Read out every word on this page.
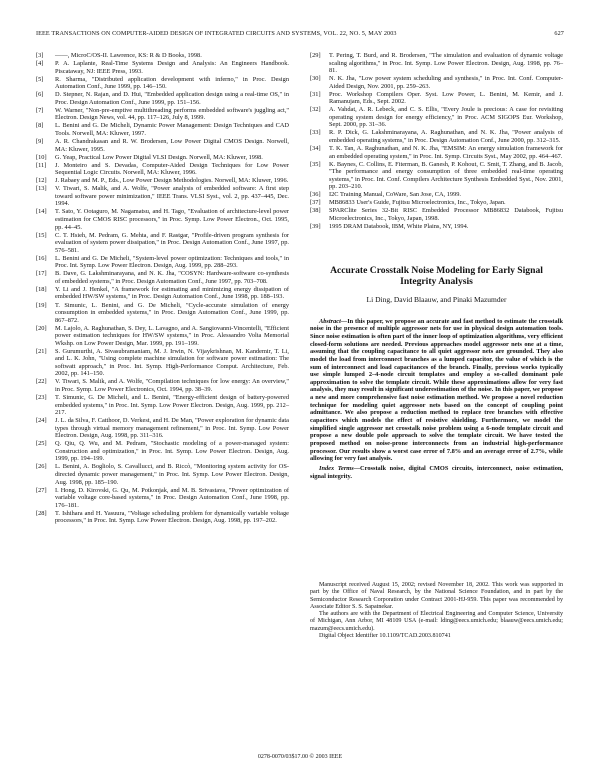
IEEE TRANSACTIONS ON COMPUTER-AIDED DESIGN OF INTEGRATED CIRCUITS AND SYSTEMS, VOL. 22, NO. 5, MAY 2003	627
[3] ——, MicroC/OS-II. Lawrence, KS: R & D Books, 1998.
[4] P. A. Laplante, Real-Time Systems Design and Analysis: An Engineers Handbook. Piscataway, NJ: IEEE Press, 1993.
[5] R. Sharma, "Distributed application development with inferno," in Proc. Design Automation Conf., June 1999, pp. 146–150.
[6] D. Stepner, N. Rajan, and D. Hui, "Embedded application design using a real-time OS," in Proc. Design Automation Conf., June 1999, pp. 151–156.
[7] W. Warner, "Non-pre-emptive multithreading performs embedded software's juggling act," Electron. Design News, vol. 44, pp. 117–126, July 8, 1999.
[8] L. Benini and G. De Micheli, Dynamic Power Management: Design Techniques and CAD Tools. Norwell, MA: Kluwer, 1997.
[9] A. R. Chandrakasan and R. W. Brodersen, Low Power Digital CMOS Design. Norwell, MA: Kluwer, 1995.
[10] G. Yeap, Practical Low Power Digital VLSI Design. Norwell, MA: Kluwer, 1998.
[11] J. Monteiro and S. Devadas, Computer-Aided Design Techniques for Low Power Sequential Logic Circuits. Norwell, MA: Kluwer, 1996.
[12] J. Rabaey and M. P., Eds., Low Power Design Methodologies. Norwell, MA: Kluwer, 1996.
[13] V. Tiwari, S. Malik, and A. Wolfe, "Power analysis of embedded software: A first step toward software power minimization," IEEE Trans. VLSI Syst., vol. 2, pp. 437–445, Dec. 1994.
[14] T. Sato, Y. Ootaguro, M. Nagamatsu, and H. Tago, "Evaluation of architecture-level power estimation for CMOS RISC processors," in Proc. Symp. Low Power Electron., Oct. 1995, pp. 44–45.
[15] C. T. Hsieh, M. Pedram, G. Mehta, and F. Rastgar, "Profile-driven program synthesis for evaluation of system power dissipation," in Proc. Design Automation Conf., June 1997, pp. 576–581.
[16] L. Benini and G. De Micheli, "System-level power optimization: Techniques and tools," in Proc. Int. Symp. Low Power Electron. Design, Aug. 1999, pp. 288–293.
[17] B. Dave, G. Lakshminarayana, and N. K. Jha, "COSYN: Hardware-software co-synthesis of embedded systems," in Proc. Design Automation Conf., June 1997, pp. 703–708.
[18] Y. Li and J. Henkel, "A framework for estimating and minimizing energy dissipation of embedded HW/SW systems," in Proc. Design Automation Conf., June 1998, pp. 188–193.
[19] T. Simunic, L. Benini, and G. De Micheli, "Cycle-accurate simulation of energy consumption in embedded systems," in Proc. Design Automation Conf., June 1999, pp. 867–872.
[20] M. Lajolo, A. Raghunathan, S. Dey, L. Lavagno, and A. Sangiovanni-Vincentelli, "Efficient power estimation techniques for HW/SW systems," in Proc. Alessandro Volta Memorial Wkshp. on Low Power Design, Mar. 1999, pp. 191–199.
[21] S. Gurumurthi, A. Sivasubramaniam, M. J. Irwin, N. Vijaykrishnan, M. Kandemir, T. Li, and L. K. John, "Using complete machine simulation for software power estimation: The softwatt approach," in Proc. Int. Symp. High-Performance Comput. Architecture, Feb. 2002, pp. 141–150.
[22] V. Tiwari, S. Malik, and A. Wolfe, "Compilation techniques for low energy: An overview," in Proc. Symp. Low Power Electronics, Oct. 1994, pp. 38–39.
[23] T. Simunic, G. De Micheli, and L. Benini, "Energy-efficient design of battery-powered embedded systems," in Proc. Int. Symp. Low Power Electron. Design, Aug. 1999, pp. 212–217.
[24] J. L. da Silva, F. Catthoor, D. Verkest, and H. De Man, "Power exploration for dynamic data types through virtual memory management refinement," in Proc. Int. Symp. Low Power Electron. Design, Aug. 1998, pp. 311–316.
[25] Q. Qiu, Q. Wu, and M. Pedram, "Stochastic modeling of a power-managed system: Construction and optimization," in Proc. Int. Symp. Low Power Electron. Design, Aug. 1999, pp. 194–199.
[26] L. Benini, A. Bogliolo, S. Cavallucci, and B. Riccò, "Monitoring system activity for OS-directed dynamic power management," in Proc. Int. Symp. Low Power Electron. Design, Aug. 1998, pp. 185–190.
[27] I. Hong, D. Kirovski, G. Qu, M. Potkonjak, and M. B. Srivastava, "Power optimization of variable voltage core-based systems," in Proc. Design Automation Conf., June 1998, pp. 176–181.
[28] T. Ishihara and H. Yasuura, "Voltage scheduling problem for dynamically variable voltage processors," in Proc. Int. Symp. Low Power Electron. Design, Aug. 1998, pp. 197–202.
[29] T. Pering, T. Burd, and R. Brodersen, "The simulation and evaluation of dynamic voltage scaling algorithms," in Proc. Int. Symp. Low Power Electron. Design, Aug. 1998, pp. 76–81.
[30] N. K. Jha, "Low power system scheduling and synthesis," in Proc. Int. Conf. Computer-Aided Design, Nov. 2001, pp. 259–263.
[31] Proc. Workshop Compilers Oper. Syst. Low Power, L. Benini, M. Kemir, and J. Ramanujam, Eds., Sept. 2002.
[32] A. Vahdat, A. R. Lebeck, and C. S. Ellis, "Every Joule is precious: A case for revisiting operating system design for energy efficiency," in Proc. ACM SIGOPS Eur. Workshop, Sept. 2000, pp. 31–36.
[33] R. P. Dick, G. Lakshminarayana, A. Raghunathan, and N. K. Jha, "Power analysis of embedded operating systems," in Proc. Design Automation Conf., June 2000, pp. 312–315.
[34] T. K. Tan, A. Raghunathan, and N. K. Jha, "EMSIM: An energy simulation framework for an embedded operating system," in Proc. Int. Symp. Circuits Syst., May 2002, pp. 464–467.
[35] K. Baynes, C. Collins, E. Fiterman, B. Ganesh, P. Kohout, C. Smit, T. Zhang, and B. Jacob, "The performance and energy consumption of three embedded real-time operating systems," in Proc. Int. Conf. Compilers Architecture Synthesis Embedded Syst., Nov. 2001, pp. 203–210.
[36] I2C Training Manual, CoWare, San Jose, CA, 1999.
[37] MB86833 User's Guide, Fujitsu Microelectronics, Inc., Tokyo, Japan.
[38] SPARClite Series 32-Bit RISC Embedded Processor MB86832 Databook, Fujitsu Microelectronics, Inc., Tokyo, Japan, 1998.
[39] 1995 DRAM Databook, IBM, White Plains, NY, 1994.
Accurate Crosstalk Noise Modeling for Early Signal Integrity Analysis
Li Ding, David Blaauw, and Pinaki Mazumder
Abstract—In this paper, we propose an accurate and fast method to estimate the crosstalk noise in the presence of multiple aggressor nets for use in physical design automation tools. Since noise estimation is often part of the inner loop of optimization algorithms, very efficient closed-form solutions are needed. Previous approaches model aggressor nets one at a time, assuming that the coupling capacitance to all quiet aggressor nets are grounded. They also model the load from interconnect branches as a lumped capacitor, the value of which is the sum of interconnect and load capacitances of the branch. Finally, previous works typically use simple lumped 2–4-node circuit templates and employ a so-called dominant pole approximation to solve the template circuit. While these approximations allow for very fast analysis, they may result in significant underestimation of the noise. In this paper, we propose a new and more comprehensive fast noise estimation method. We propose a novel reduction technique for modeling quiet aggressor nets based on the concept of coupling point admittance. We also propose a reduction method to replace tree branches with effective capacitors which models the effect of resistive shielding. Furthermore, we model the simplified single aggressor net crosstalk noise problem using a 6-node template circuit and propose a new double pole approach to solve the template circuit. We have tested the proposed method on noise-prone interconnects from an industrial high-performance processor. Our results show a worst case error of 7.8% and an average error of 2.7%, while allowing for very fast analysis.
Index Terms—Crosstalk noise, digital CMOS circuits, interconnect, noise estimation, signal integrity.

Manuscript received August 15, 2002; revised November 18, 2002. This work was supported in part by the Office of Naval Research, by the National Science Foundation, and in part by the Semiconductor Research Corporation under Contract 2001-HJ-959. This paper was recommended by Associate Editor S. S. Sapatnekar.

The authors are with the Department of Electrical Engineering and Computer Science, University of Michigan, Ann Arbor, MI 48109 USA (e-mail: lding@eecs.umich.edu; blaauw@eecs.umich.edu; mazum@eecs.umich.edu).

Digital Object Identifier 10.1109/TCAD.2003.810741

0278-0070/03$17.00 © 2003 IEEE
